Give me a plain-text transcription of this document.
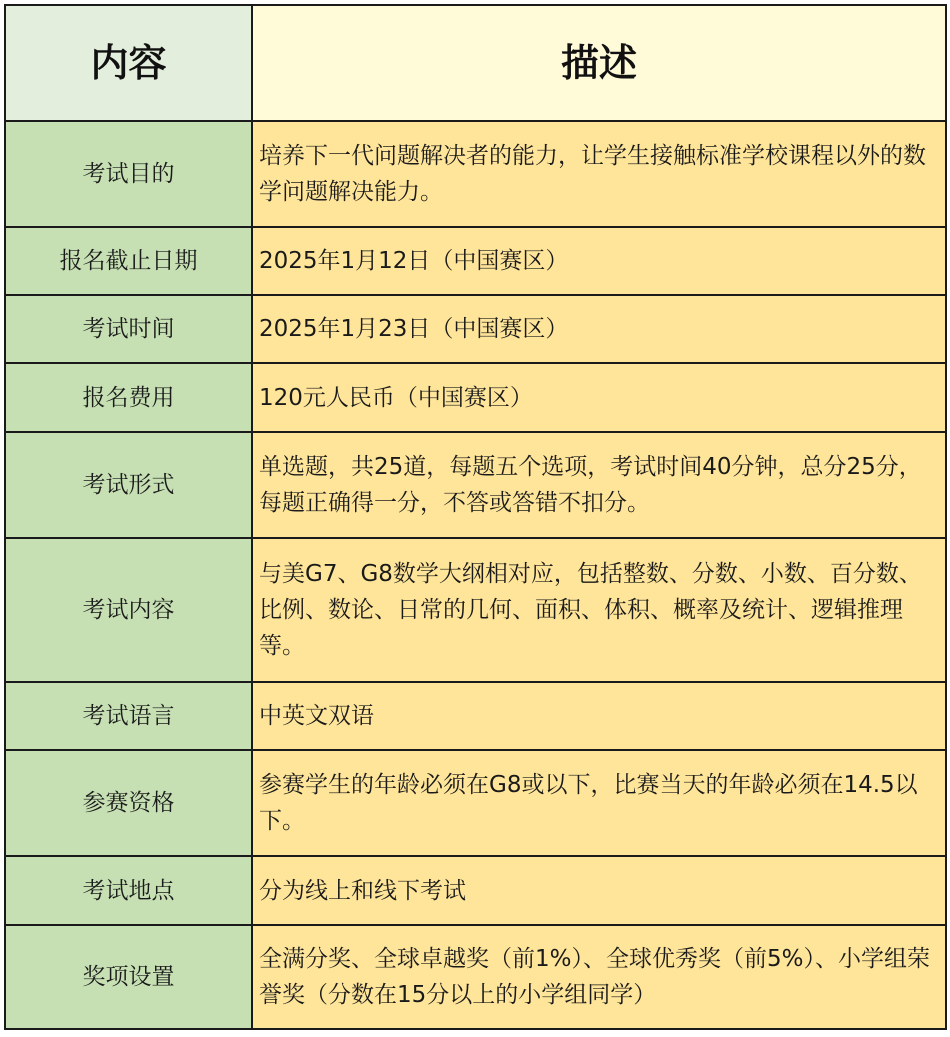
内容	描述
考试目的	培养下一代问题解决者的能力，让学生接触标准学校课程以外的数学问题解决能力。
报名截止日期	2025年1月12日（中国赛区）
考试时间	2025年1月23日（中国赛区）
报名费用	120元人民币（中国赛区）
考试形式	单选题，共25道，每题五个选项，考试时间40分钟，总分25分，每题正确得一分，不答或答错不扣分。
考试内容	与美G7、G8数学大纲相对应，包括整数、分数、小数、百分数、比例、数论、日常的几何、面积、体积、概率及统计、逻辑推理等。
考试语言	中英文双语
参赛资格	参赛学生的年龄必须在G8或以下，比赛当天的年龄必须在14.5以下。
考试地点	分为线上和线下考试
奖项设置	全满分奖、全球卓越奖（前1%）、全球优秀奖（前5%）、小学组荣誉奖（分数在15分以上的小学组同学）
